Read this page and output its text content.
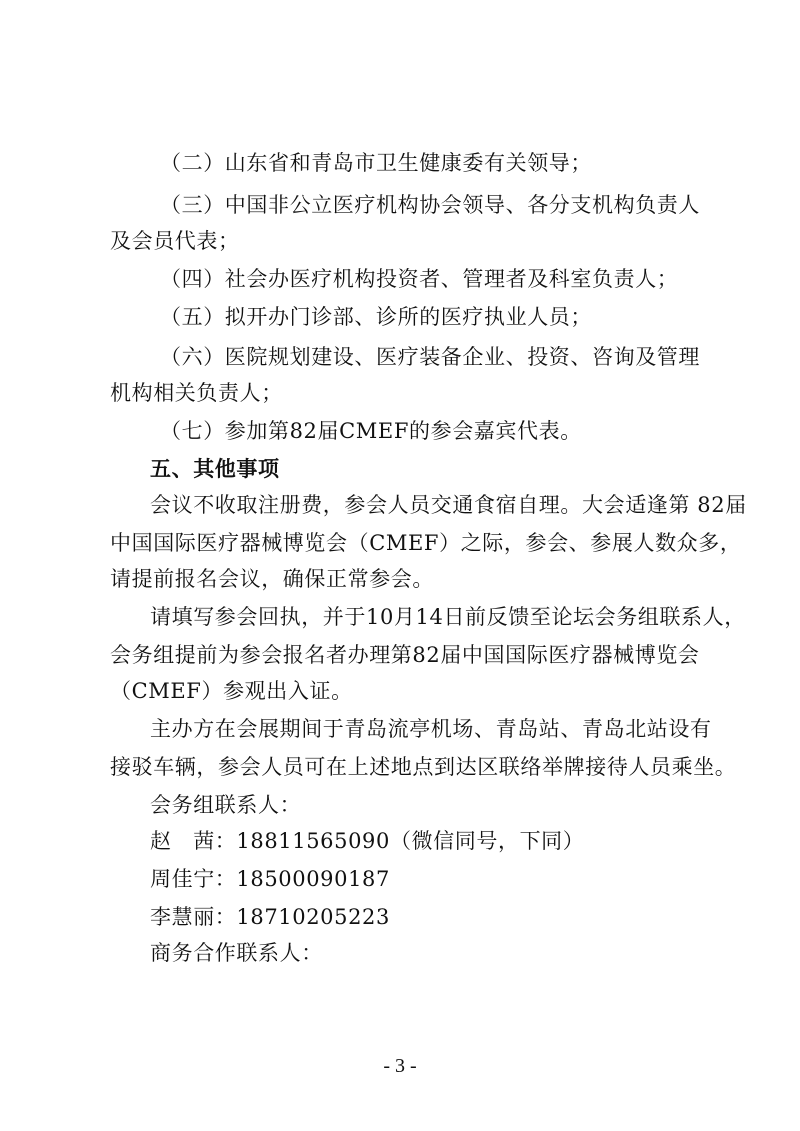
（二）山东省和青岛市卫生健康委有关领导；
（三）中国非公立医疗机构协会领导、各分支机构负责人
及会员代表；
（四）社会办医疗机构投资者、管理者及科室负责人；
（五）拟开办门诊部、诊所的医疗执业人员；
（六）医院规划建设、医疗装备企业、投资、咨询及管理
机构相关负责人；
（七）参加第82届CMEF的参会嘉宾代表。
五、其他事项
会议不收取注册费，参会人员交通食宿自理。大会适逢第 82届
中国国际医疗器械博览会（CMEF）之际，参会、参展人数众多，
请提前报名会议，确保正常参会。
请填写参会回执，并于10月14日前反馈至论坛会务组联系人，
会务组提前为参会报名者办理第82届中国国际医疗器械博览会
（CMEF）参观出入证。
主办方在会展期间于青岛流亭机场、青岛站、青岛北站设有
接驳车辆，参会人员可在上述地点到达区联络举牌接待人员乘坐。
会务组联系人：
赵　茜：18811565090（微信同号，下同）
周佳宁：18500090187
李慧丽：18710205223
商务合作联系人：
- 3 -
